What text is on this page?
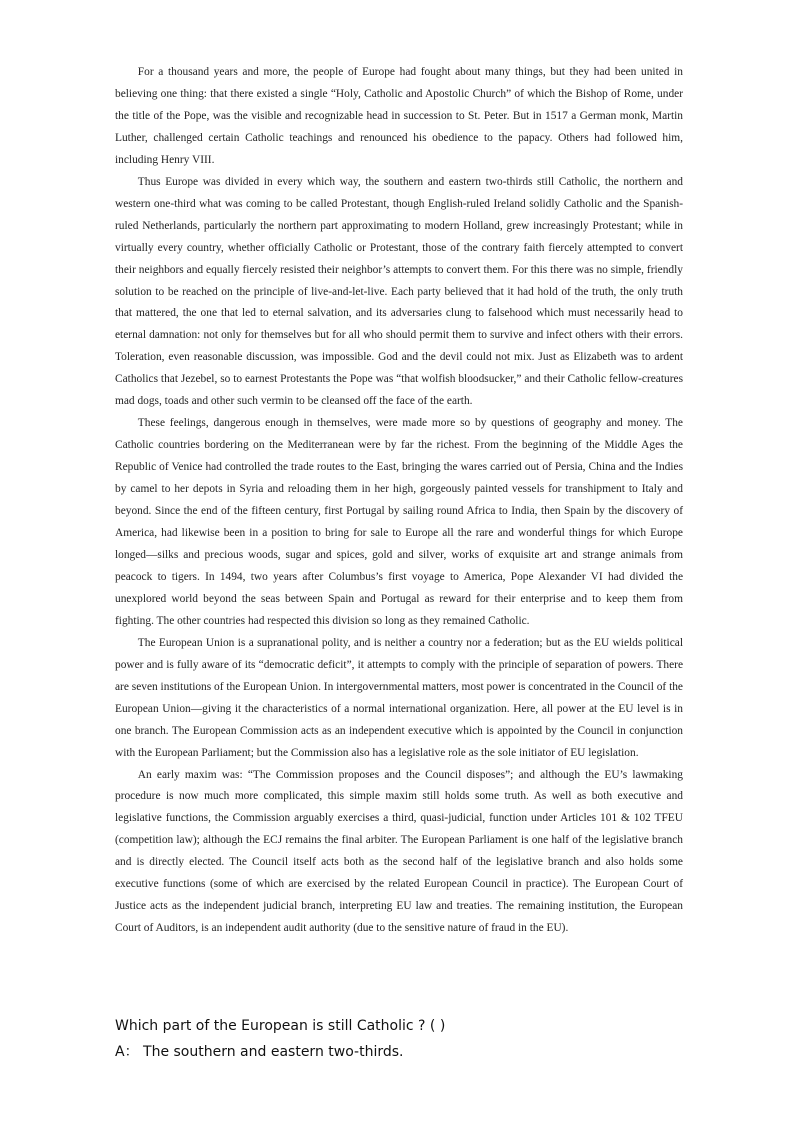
For a thousand years and more, the people of Europe had fought about many things, but they had been united in believing one thing: that there existed a single “Holy, Catholic and Apostolic Church” of which the Bishop of Rome, under the title of the Pope, was the visible and recognizable head in succession to St. Peter. But in 1517 a German monk, Martin Luther, challenged certain Catholic teachings and renounced his obedience to the papacy. Others had followed him, including Henry VIII.

Thus Europe was divided in every which way, the southern and eastern two-thirds still Catholic, the northern and western one-third what was coming to be called Protestant, though English-ruled Ireland solidly Catholic and the Spanish-ruled Netherlands, particularly the northern part approximating to modern Holland, grew increasingly Protestant; while in virtually every country, whether officially Catholic or Protestant, those of the contrary faith fiercely attempted to convert their neighbors and equally fiercely resisted their neighbor’s attempts to convert them. For this there was no simple, friendly solution to be reached on the principle of live-and-let-live. Each party believed that it had hold of the truth, the only truth that mattered, the one that led to eternal salvation, and its adversaries clung to falsehood which must necessarily head to eternal damnation: not only for themselves but for all who should permit them to survive and infect others with their errors. Toleration, even reasonable discussion, was impossible. God and the devil could not mix. Just as Elizabeth was to ardent Catholics that Jezebel, so to earnest Protestants the Pope was “that wolfish bloodsucker,” and their Catholic fellow-creatures mad dogs, toads and other such vermin to be cleansed off the face of the earth.

These feelings, dangerous enough in themselves, were made more so by questions of geography and money. The Catholic countries bordering on the Mediterranean were by far the richest. From the beginning of the Middle Ages the Republic of Venice had controlled the trade routes to the East, bringing the wares carried out of Persia, China and the Indies by camel to her depots in Syria and reloading them in her high, gorgeously painted vessels for transhipment to Italy and beyond. Since the end of the fifteen century, first Portugal by sailing round Africa to India, then Spain by the discovery of America, had likewise been in a position to bring for sale to Europe all the rare and wonderful things for which Europe longed—silks and precious woods, sugar and spices, gold and silver, works of exquisite art and strange animals from peacock to tigers. In 1494, two years after Columbus’s first voyage to America, Pope Alexander VI had divided the unexplored world beyond the seas between Spain and Portugal as reward for their enterprise and to keep them from fighting. The other countries had respected this division so long as they remained Catholic.

The European Union is a supranational polity, and is neither a country nor a federation; but as the EU wields political power and is fully aware of its “democratic deficit”, it attempts to comply with the principle of separation of powers. There are seven institutions of the European Union. In intergovernmental matters, most power is concentrated in the Council of the European Union—giving it the characteristics of a normal international organization. Here, all power at the EU level is in one branch. The European Commission acts as an independent executive which is appointed by the Council in conjunction with the European Parliament; but the Commission also has a legislative role as the sole initiator of EU legislation.

An early maxim was: “The Commission proposes and the Council disposes”; and although the EU’s lawmaking procedure is now much more complicated, this simple maxim still holds some truth. As well as both executive and legislative functions, the Commission arguably exercises a third, quasi-judicial, function under Articles 101 & 102 TFEU (competition law); although the ECJ remains the final arbiter. The European Parliament is one half of the legislative branch and is directly elected. The Council itself acts both as the second half of the legislative branch and also holds some executive functions (some of which are exercised by the related European Council in practice). The European Court of Justice acts as the independent judicial branch, interpreting EU law and treaties. The remaining institution, the European Court of Auditors, is an independent audit authority (due to the sensitive nature of fraud in the EU).

Which part of the European is still Catholic ? ( )
A： The southern and eastern two-thirds.
